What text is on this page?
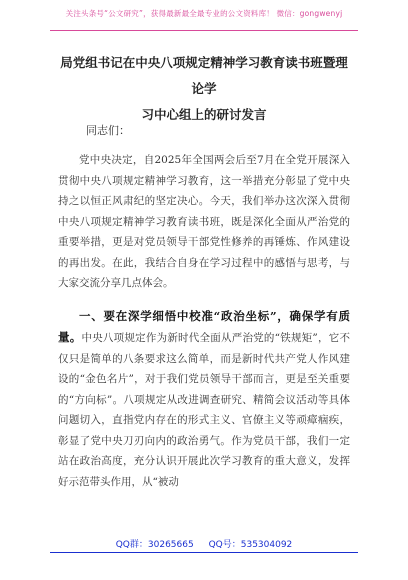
关注头条号“公文研究”，获得最新最全最专业的公文资料库！ 微信：gongwenyj
局党组书记在中央八项规定精神学习教育读书班暨理论学
习中心组上的研讨发言
同志们：

党中央决定，自2025年全国两会后至7月在全党开展深入贯彻中央八项规定精神学习教育，这一举措充分彰显了党中央持之以恒正风肃纪的坚定决心。今天，我们举办这次深入贯彻中央八项规定精神学习教育读书班，既是深化全面从严治党的重要举措，更是对党员领导干部党性修养的再锤炼、作风建设的再出发。在此，我结合自身在学习过程中的感悟与思考，与大家交流分享几点体会。

一、要在深学细悟中校准“政治坐标”，确保学有质量。中央八项规定作为新时代全面从严治党的“铁规矩”，它不仅只是简单的八条要求这么简单，而是新时代共产党人作风建设的“金色名片”，对于我们党员领导干部而言，更是至关重要的“方向标”。八项规定从改进调查研究、精简会议活动等具体问题切入，直指党内存在的形式主义、官僚主义等顽瘴痼疾，彰显了党中央刀刃向内的政治勇气。作为党员干部，我们一定站在政治高度，充分认识开展此次学习教育的重大意义，发挥好示范带头作用，从“被动

QQ群：30265665 QQ号：535304092
